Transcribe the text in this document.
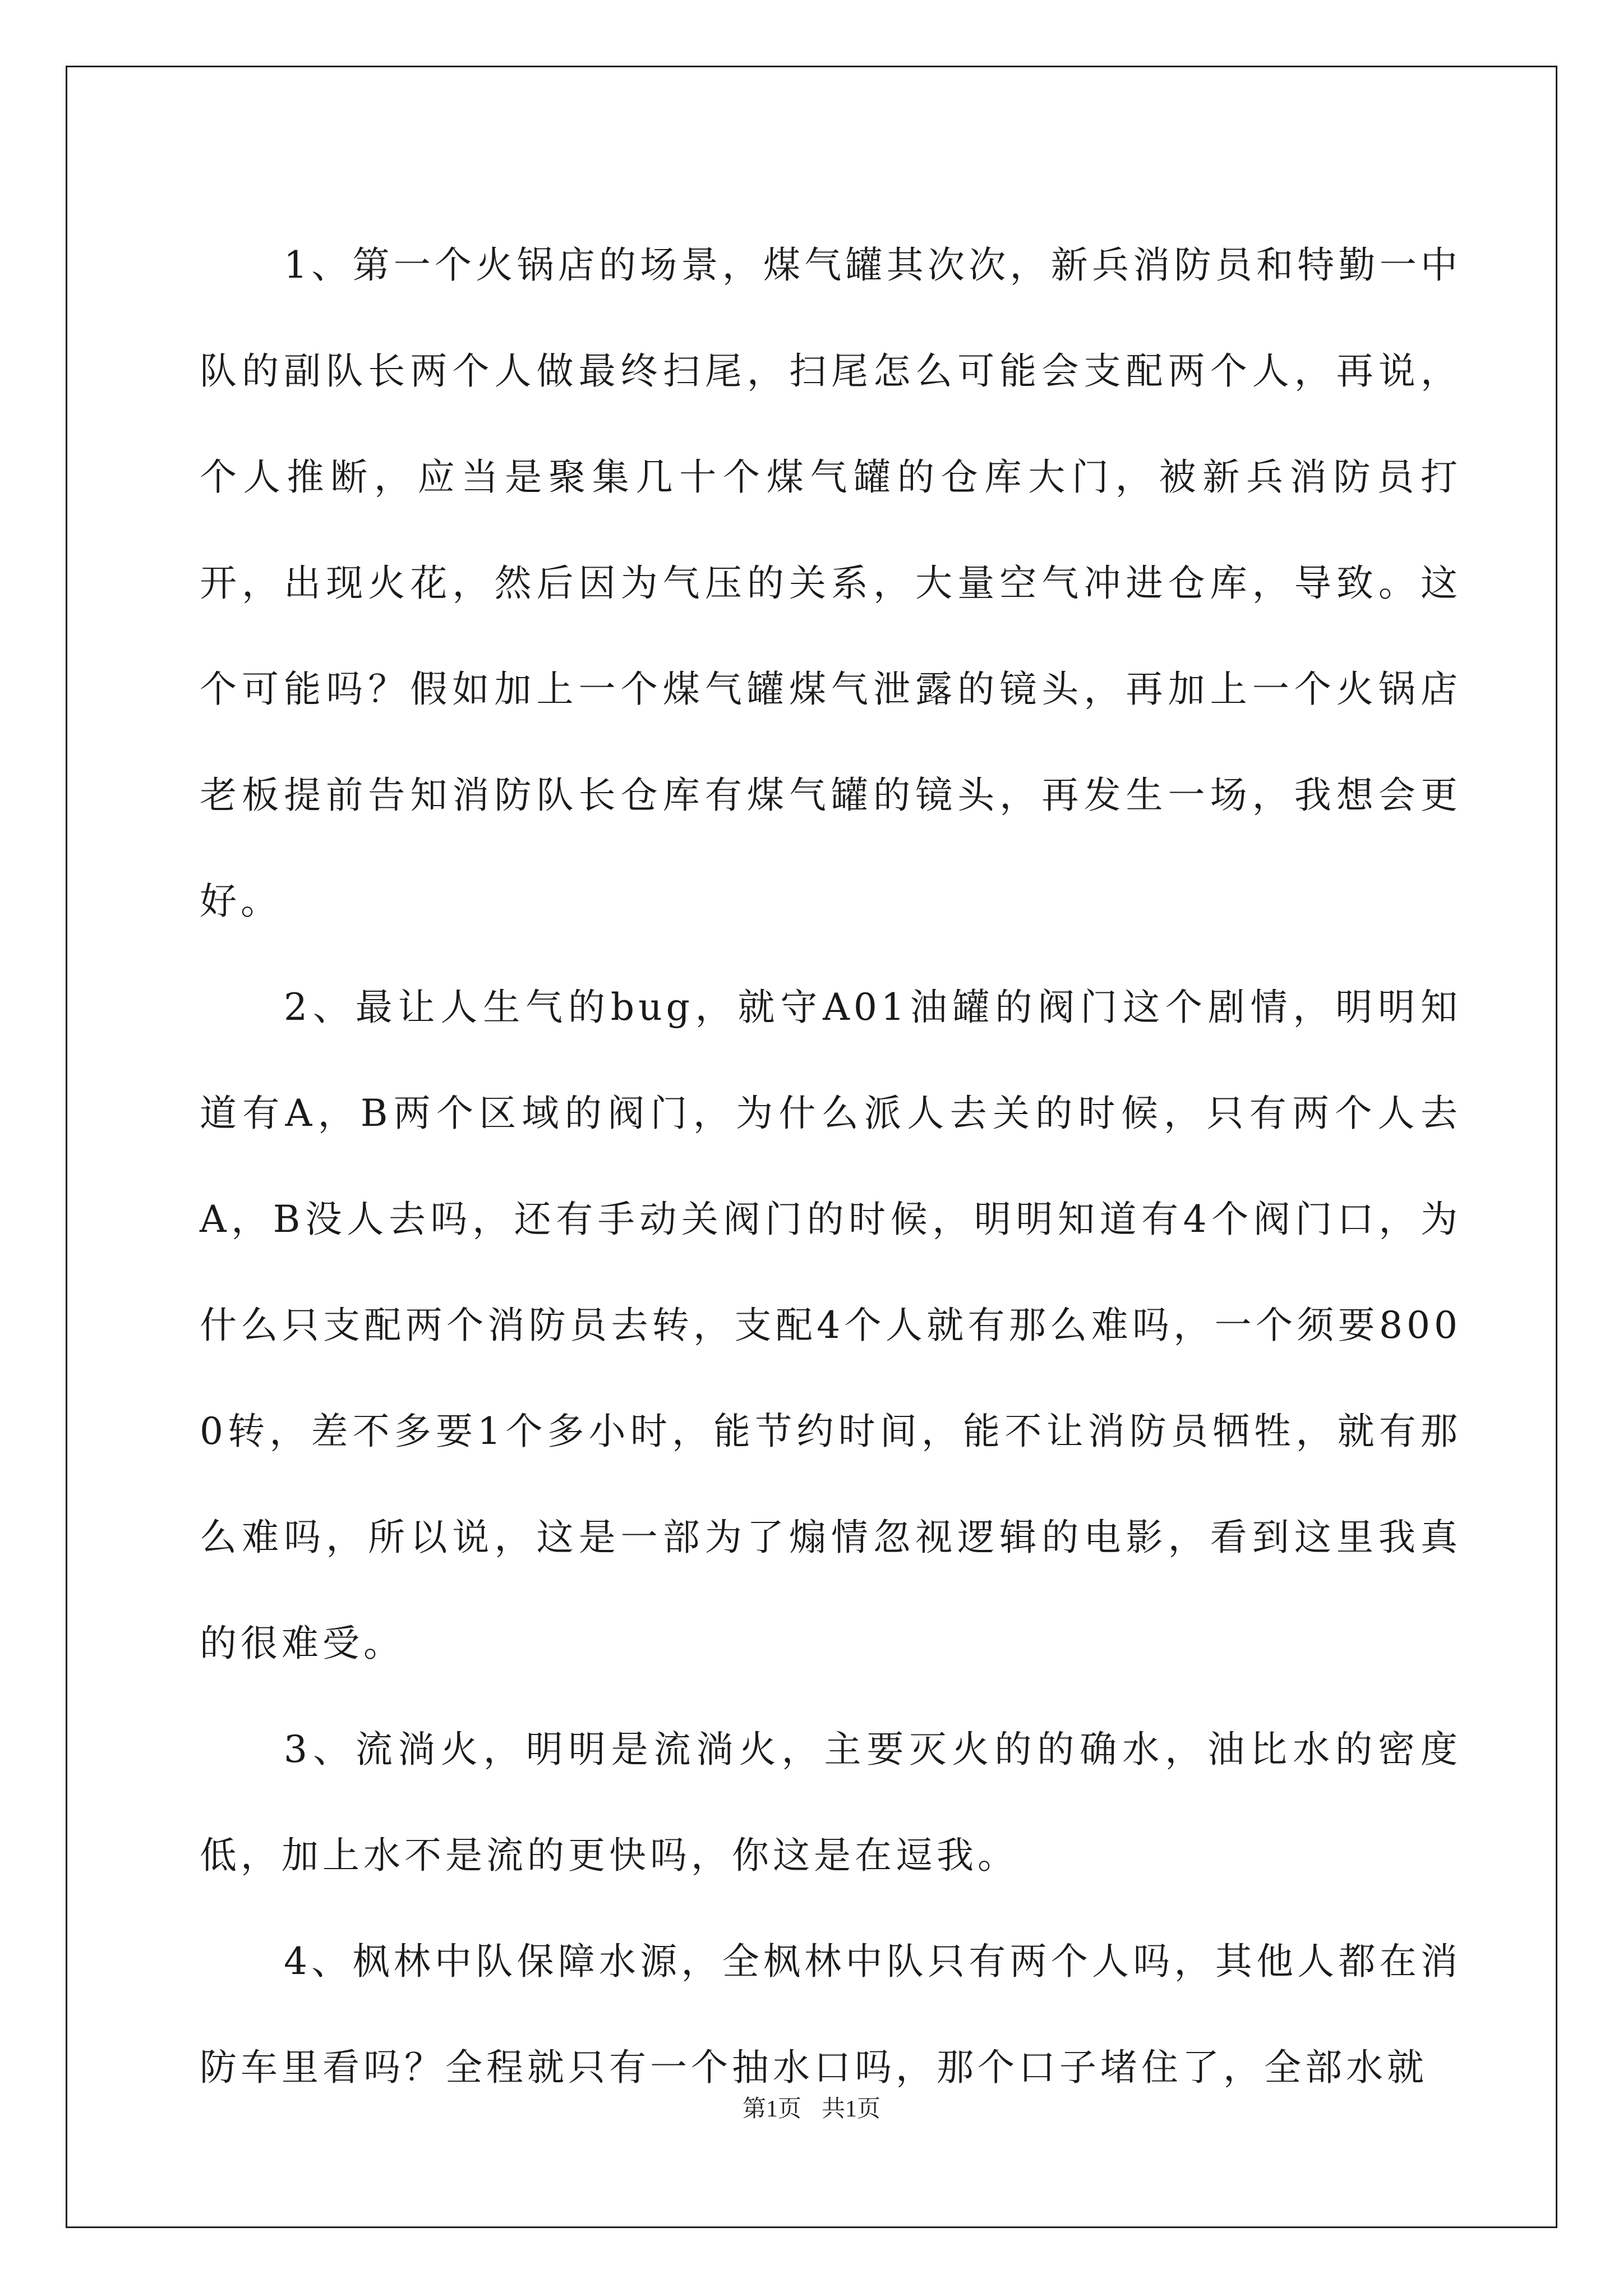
1、第一个火锅店的场景，煤气罐其次次，新兵消防员和特勤一中队的副队长两个人做最终扫尾，扫尾怎么可能会支配两个人，再说，个人推断，应当是聚集几十个煤气罐的仓库大门，被新兵消防员打开，出现火花，然后因为气压的关系，大量空气冲进仓库，导致。这个可能吗？假如加上一个煤气罐煤气泄露的镜头，再加上一个火锅店老板提前告知消防队长仓库有煤气罐的镜头，再发生一场，我想会更好。

2、最让人生气的bug，就守A01油罐的阀门这个剧情，明明知道有A，B两个区域的阀门，为什么派人去关的时候，只有两个人去A，B没人去吗，还有手动关阀门的时候，明明知道有4个阀门口，为什么只支配两个消防员去转，支配4个人就有那么难吗，一个须要8000转，差不多要1个多小时，能节约时间，能不让消防员牺牲，就有那么难吗，所以说，这是一部为了煽情忽视逻辑的电影，看到这里我真的很难受。

3、流淌火，明明是流淌火，主要灭火的的确水，油比水的密度低，加上水不是流的更快吗，你这是在逗我。

4、枫林中队保障水源，全枫林中队只有两个人吗，其他人都在消防车里看吗？全程就只有一个抽水口吗，那个口子堵住了，全部水就

第1页 共1页
